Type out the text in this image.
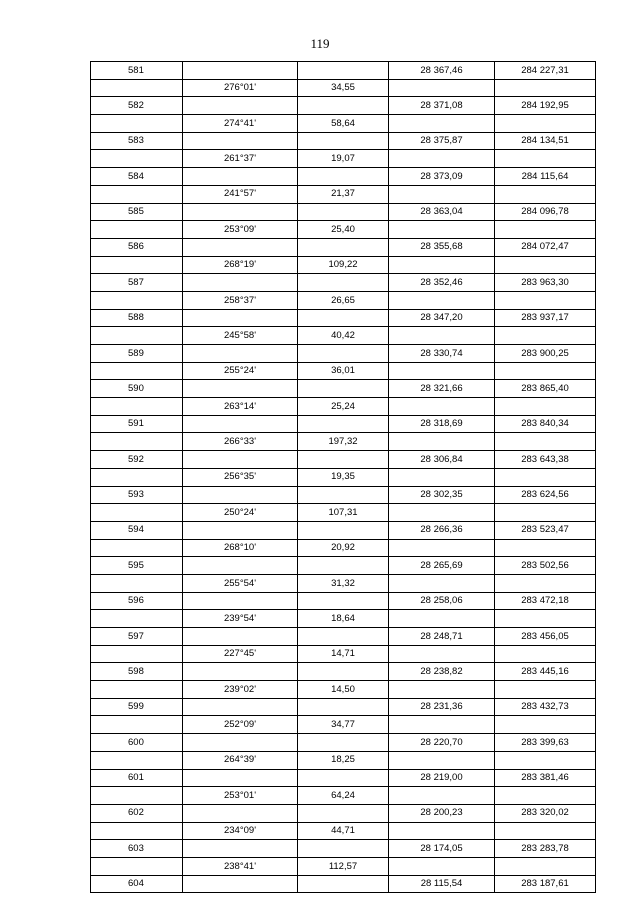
119
581			28 367,46	284 227,31
	276°01'	34,55		
582			28 371,08	284 192,95
	274°41'	58,64		
583			28 375,87	284 134,51
	261°37'	19,07		
584			28 373,09	284 115,64
	241°57'	21,37		
585			28 363,04	284 096,78
	253°09'	25,40		
586			28 355,68	284 072,47
	268°19'	109,22		
587			28 352,46	283 963,30
	258°37'	26,65		
588			28 347,20	283 937,17
	245°58'	40,42		
589			28 330,74	283 900,25
	255°24'	36,01		
590			28 321,66	283 865,40
	263°14'	25,24		
591			28 318,69	283 840,34
	266°33'	197,32		
592			28 306,84	283 643,38
	256°35'	19,35		
593			28 302,35	283 624,56
	250°24'	107,31		
594			28 266,36	283 523,47
	268°10'	20,92		
595			28 265,69	283 502,56
	255°54'	31,32		
596			28 258,06	283 472,18
	239°54'	18,64		
597			28 248,71	283 456,05
	227°45'	14,71		
598			28 238,82	283 445,16
	239°02'	14,50		
599			28 231,36	283 432,73
	252°09'	34,77		
600			28 220,70	283 399,63
	264°39'	18,25		
601			28 219,00	283 381,46
	253°01'	64,24		
602			28 200,23	283 320,02
	234°09'	44,71		
603			28 174,05	283 283,78
	238°41'	112,57		
604			28 115,54	283 187,61
